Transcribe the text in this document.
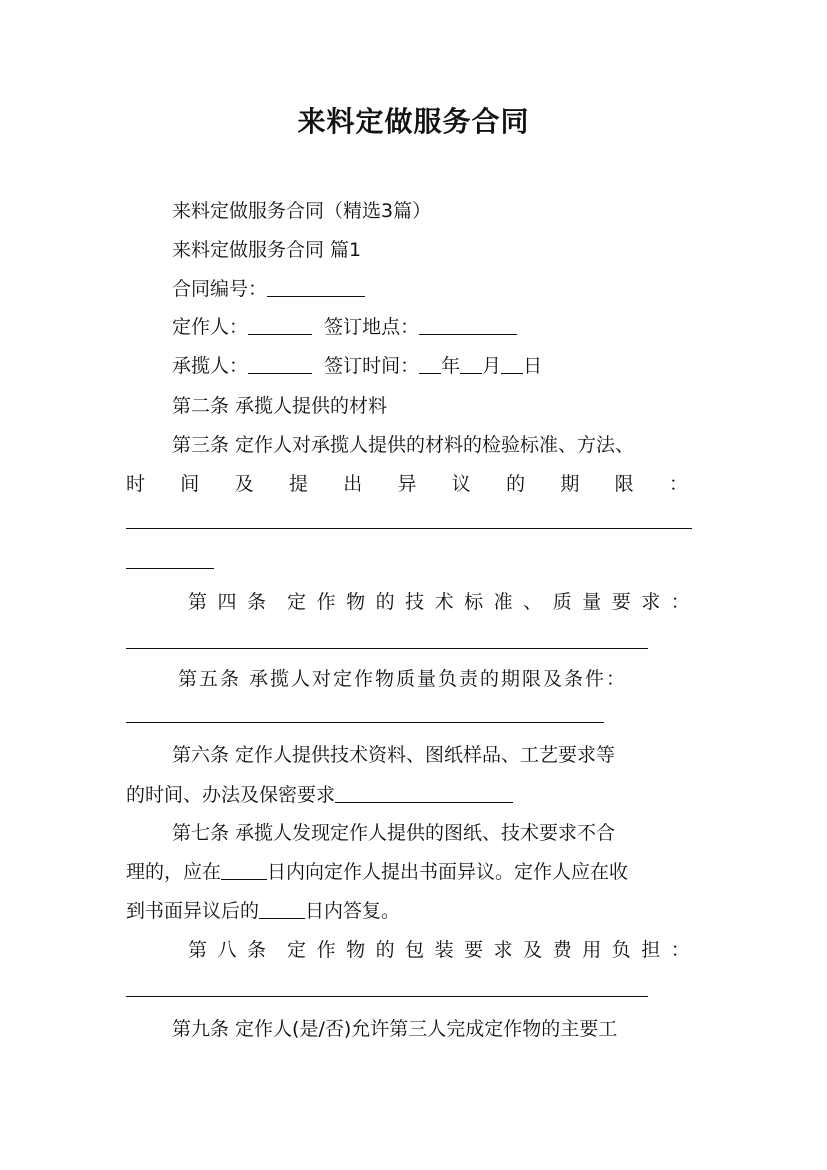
来料定做服务合同
来料定做服务合同（精选3篇）
来料定做服务合同 篇1
合同编号：
定作人：	签订地点：
承揽人：	签订时间： 年 月 日
第二条 承揽人提供的材料
第三条 定作人对承揽人提供的材料的检验标准、方法、
时 间 及 提 出 异 议 的 期 限 ：
第 四 条 定 作 物 的 技 术 标 准 、 质 量 要 求 ：
第五条 承揽人对定作物质量负责的期限及条件：
第六条 定作人提供技术资料、图纸样品、工艺要求等
的时间、办法及保密要求
第七条 承揽人发现定作人提供的图纸、技术要求不合
理的，应在 日内向定作人提出书面异议。定作人应在收
到书面异议后的 日内答复。
第 八 条 定 作 物 的 包 装 要 求 及 费 用 负 担 ：
第九条 定作人(是/否)允许第三人完成定作物的主要工
